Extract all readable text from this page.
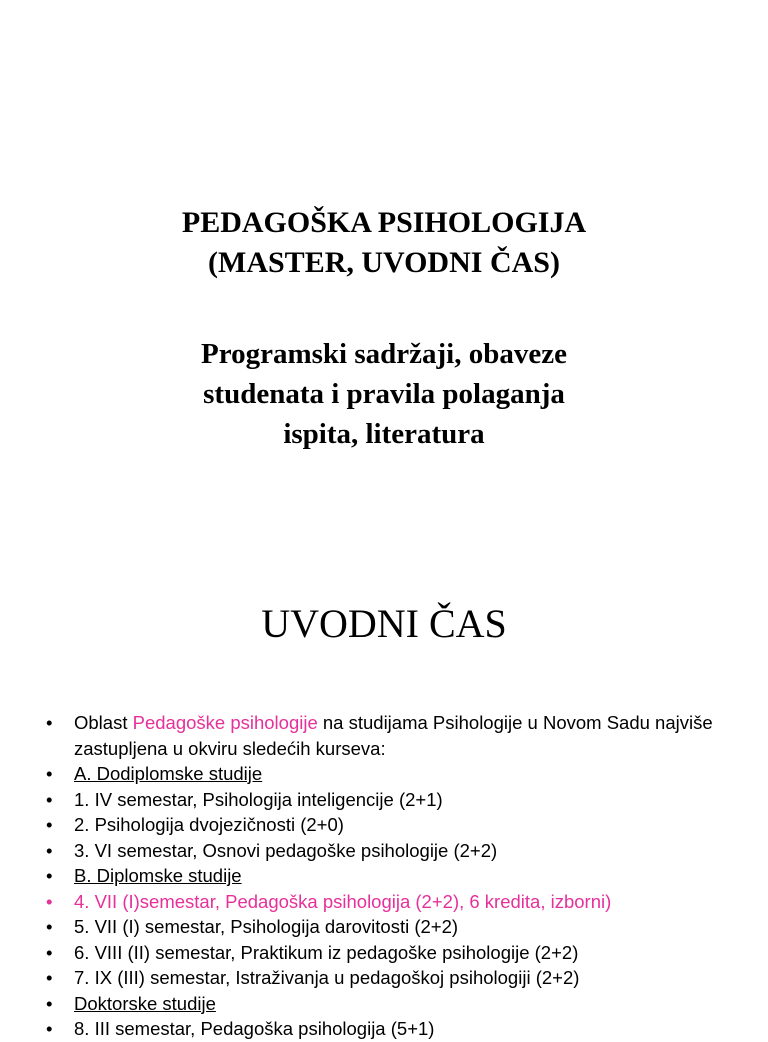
PEDAGOŠKA PSIHOLOGIJA
(MASTER, UVODNI ČAS)
Programski sadržaji, obaveze
studenata i pravila polaganja
ispita, literatura
UVODNI ČAS
• Oblast Pedagoške psihologije na studijama Psihologije u Novom Sadu najviše zastupljena u okviru sledećih kurseva:
• A. Dodiplomske studije
• 1. IV semestar, Psihologija inteligencije (2+1)
• 2. Psihologija dvojezičnosti (2+0)
• 3. VI semestar, Osnovi pedagoške psihologije (2+2)
• B. Diplomske studije
• 4. VII (I)semestar, Pedagoška psihologija (2+2), 6 kredita, izborni)
• 5. VII (I) semestar, Psihologija darovitosti (2+2)
• 6. VIII (II) semestar, Praktikum iz pedagoške psihologije (2+2)
• 7. IX (III) semestar, Istraživanja u pedagoškoj psihologiji (2+2)
• Doktorske studije
• 8. III semestar, Pedagoška psihologija (5+1)
